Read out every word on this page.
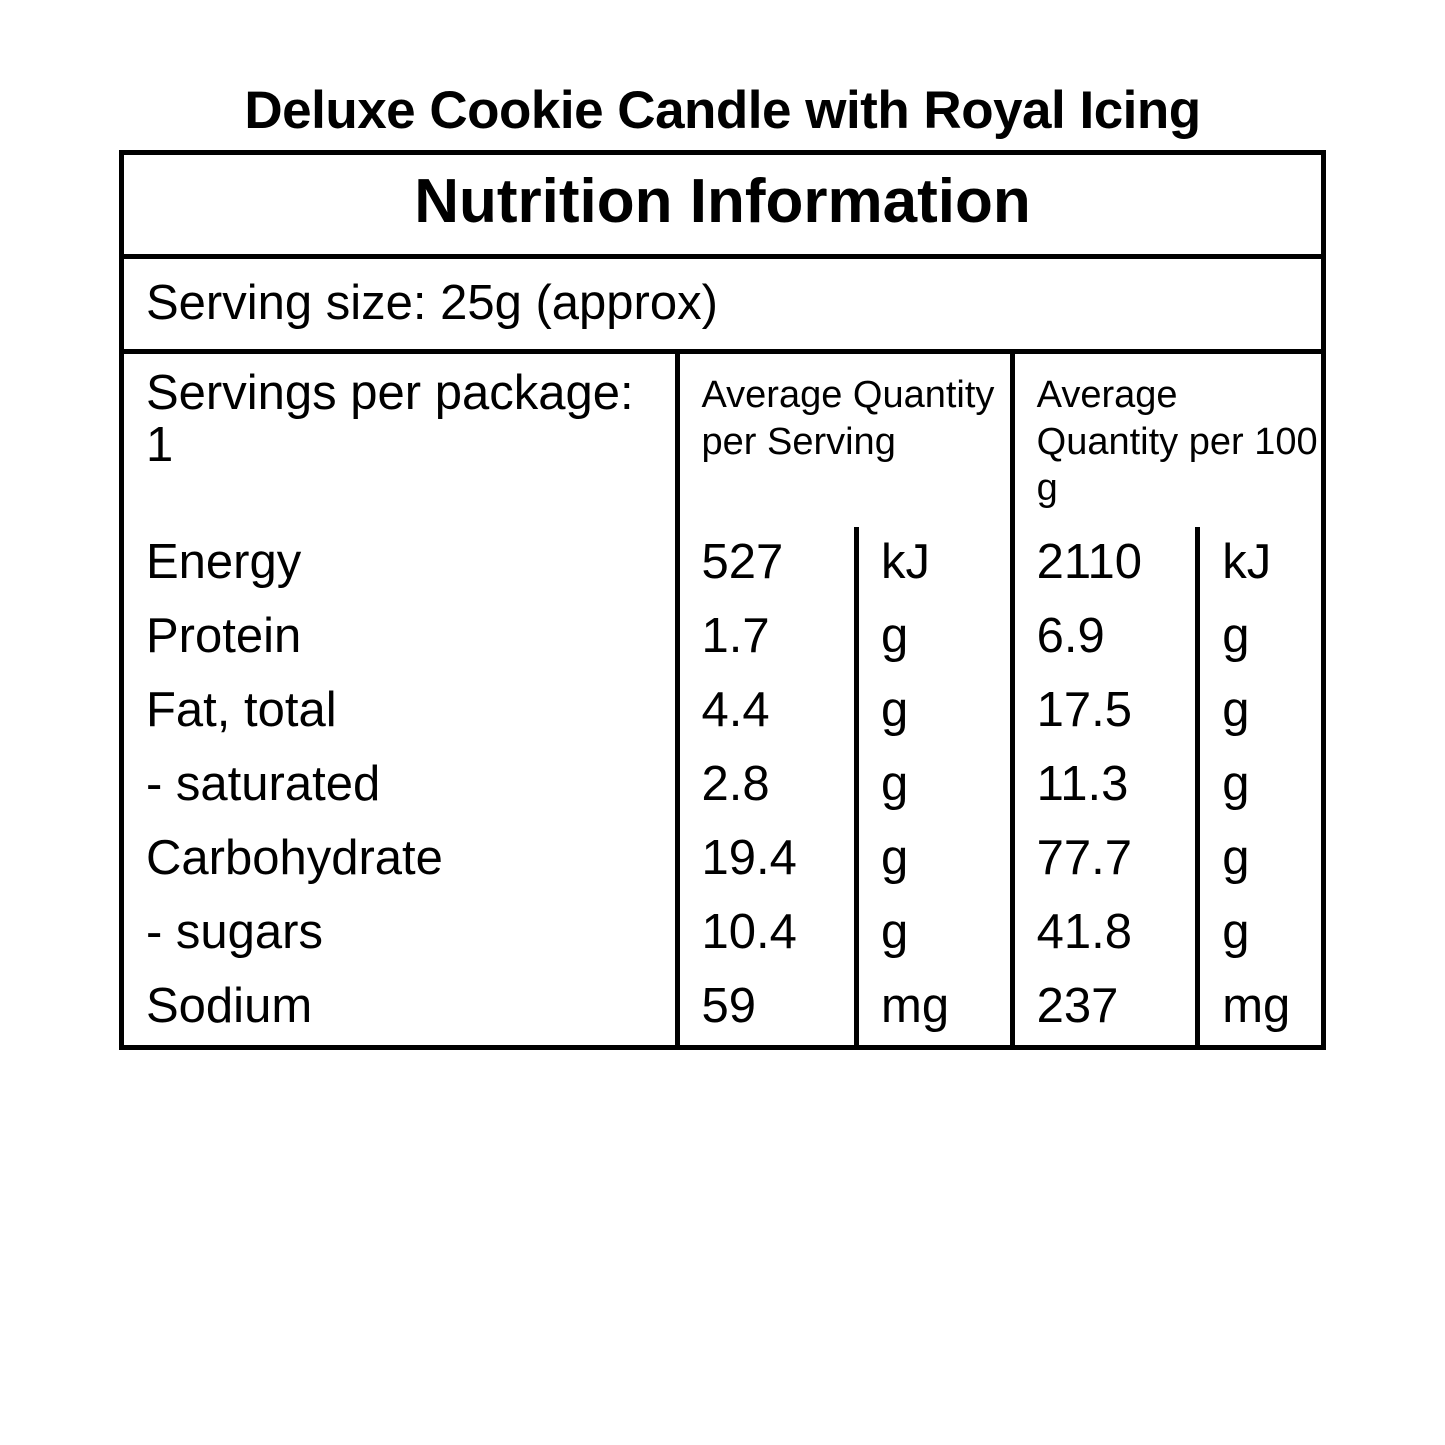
Deluxe Cookie Candle with Royal Icing
Nutrition Information
Serving size: 25g (approx)
Servings per package: 1	Average Quantity per Serving		Average Quantity per 100 g	
Energy	527	kJ	2110	kJ
Protein	1.7	g	6.9	g
Fat, total	4.4	g	17.5	g
- saturated	2.8	g	11.3	g
Carbohydrate	19.4	g	77.7	g
- sugars	10.4	g	41.8	g
Sodium	59	mg	237	mg
